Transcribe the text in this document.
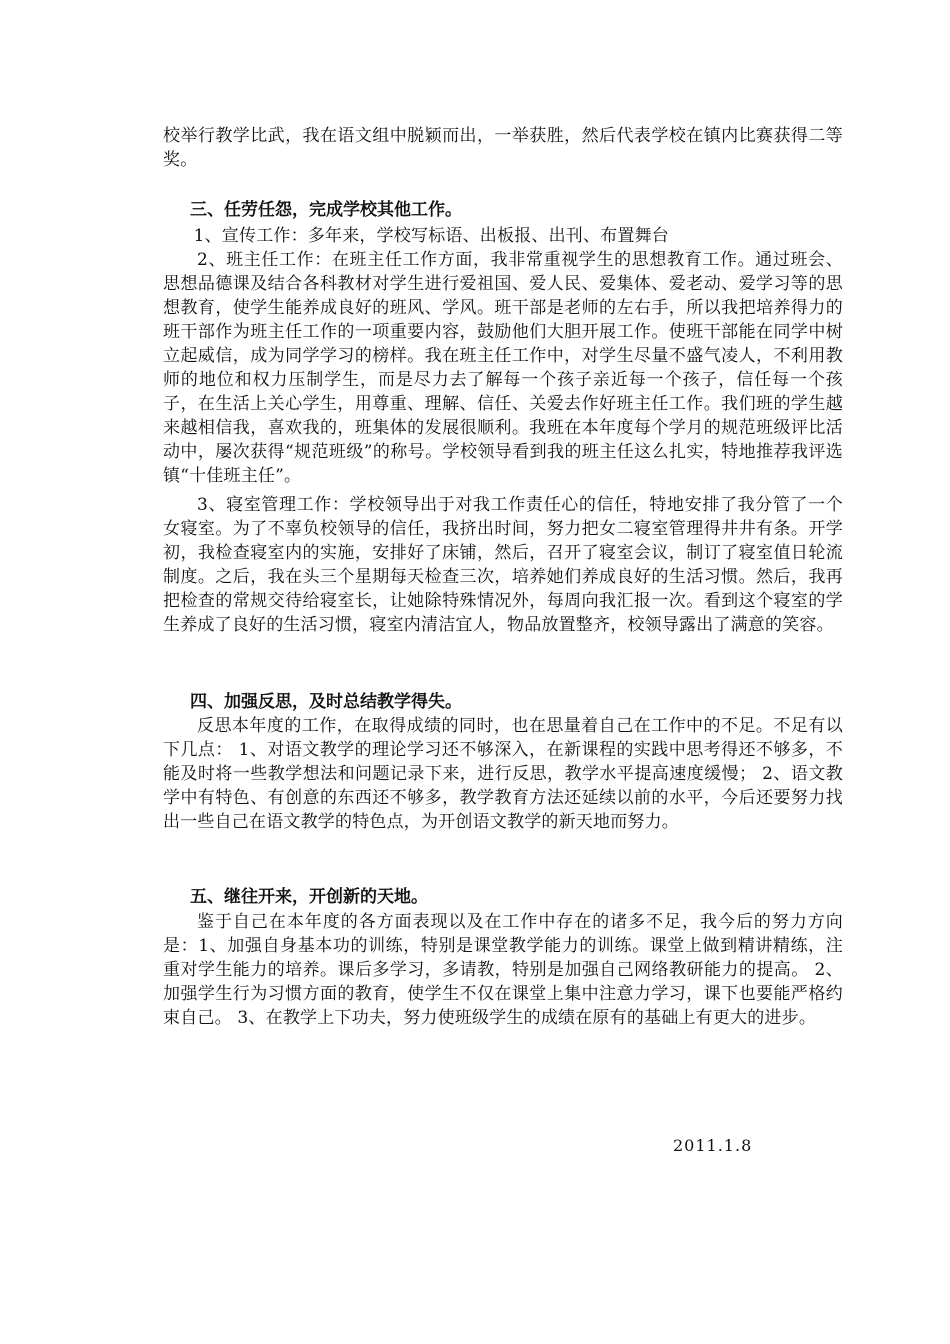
校举行教学比武，我在语文组中脱颖而出，一举获胜，然后代表学校在镇内比赛获得二等奖。

三、任劳任怨，完成学校其他工作。

1、宣传工作：多年来，学校写标语、出板报、出刊、布置舞台

2、班主任工作：在班主任工作方面，我非常重视学生的思想教育工作。通过班会、思想品德课及结合各科教材对学生进行爱祖国、爱人民、爱集体、爱老动、爱学习等的思想教育，使学生能养成良好的班风、学风。班干部是老师的左右手，所以我把培养得力的班干部作为班主任工作的一项重要内容，鼓励他们大胆开展工作。使班干部能在同学中树立起威信，成为同学学习的榜样。我在班主任工作中，对学生尽量不盛气凌人，不利用教师的地位和权力压制学生，而是尽力去了解每一个孩子亲近每一个孩子，信任每一个孩子，在生活上关心学生，用尊重、理解、信任、关爱去作好班主任工作。我们班的学生越来越相信我，喜欢我的，班集体的发展很顺利。我班在本年度每个学月的规范班级评比活动中，屡次获得“规范班级”的称号。学校领导看到我的班主任这么扎实，特地推荐我评选镇“十佳班主任”。

3、寝室管理工作：学校领导出于对我工作责任心的信任，特地安排了我分管了一个女寝室。为了不辜负校领导的信任，我挤出时间，努力把女二寝室管理得井井有条。开学初，我检查寝室内的实施，安排好了床铺，然后，召开了寝室会议，制订了寝室值日轮流制度。之后，我在头三个星期每天检查三次，培养她们养成良好的生活习惯。然后，我再把检查的常规交待给寝室长，让她除特殊情况外，每周向我汇报一次。看到这个寝室的学生养成了良好的生活习惯，寝室内清洁宜人，物品放置整齐，校领导露出了满意的笑容。

四、加强反思，及时总结教学得失。

反思本年度的工作，在取得成绩的同时，也在思量着自己在工作中的不足。不足有以下几点： 1、对语文教学的理论学习还不够深入，在新课程的实践中思考得还不够多，不能及时将一些教学想法和问题记录下来，进行反思，教学水平提高速度缓慢； 2、语文教学中有特色、有创意的东西还不够多，教学教育方法还延续以前的水平，今后还要努力找出一些自己在语文教学的特色点，为开创语文教学的新天地而努力。

五、继往开来，开创新的天地。

鉴于自己在本年度的各方面表现以及在工作中存在的诸多不足，我今后的努力方向是：1、加强自身基本功的训练，特别是课堂教学能力的训练。课堂上做到精讲精练，注重对学生能力的培养。课后多学习，多请教，特别是加强自己网络教研能力的提高。 2、加强学生行为习惯方面的教育，使学生不仅在课堂上集中注意力学习，课下也要能严格约束自己。 3、在教学上下功夫，努力使班级学生的成绩在原有的基础上有更大的进步。

2011.1.8
